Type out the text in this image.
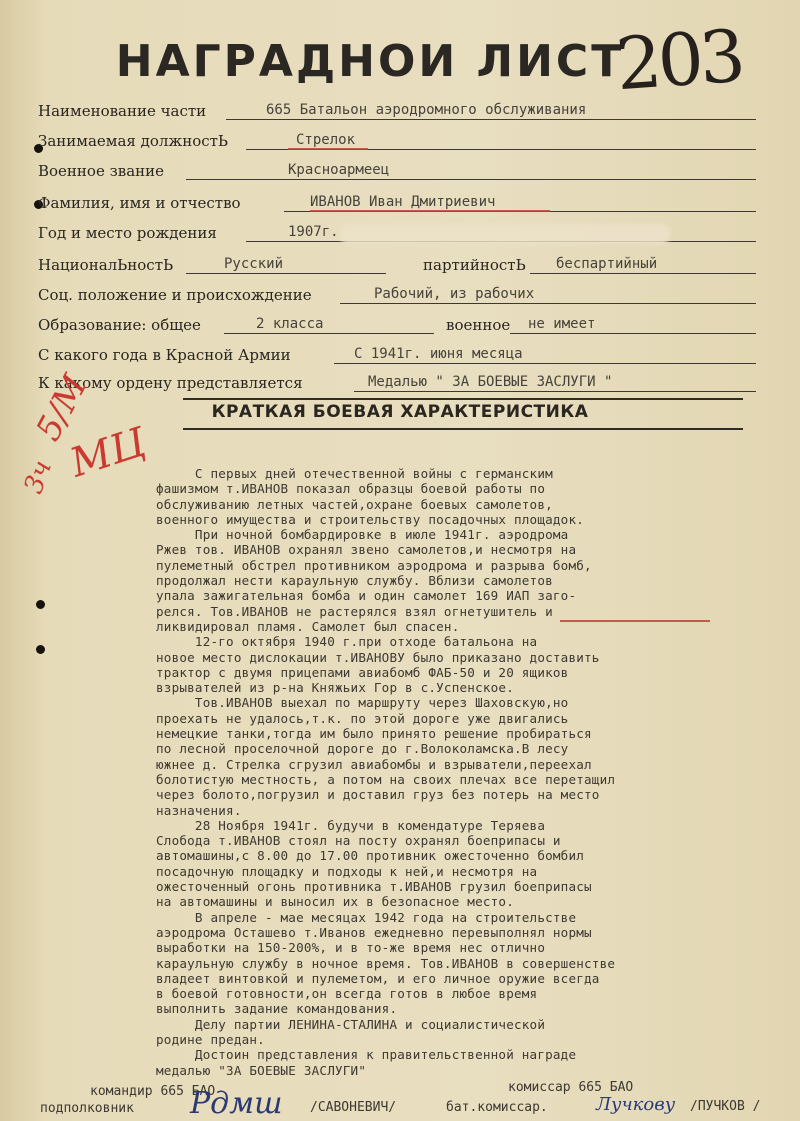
НАГРАДНОИ ЛИСТ
203
Наименование части	665 Батальон аэродромного обслуживания
Занимаемая должностЬ	Стрелок
Военное звание	Красноармеец
Фамилия, имя и отчество	ИВАНОВ Иван Дмитриевич
Год и место рождения	1907г.
НационалЬностЬ	Русский	партийностЬ беспартийный
Соц. положение и происхождение	Рабочий, из рабочих
Образование: общее	2 класса	военное не имеет
С какого года в Красной Армии	С 1941г. июня месяца
К какому ордену представляется	Медалью " ЗА БОЕВЫЕ ЗАСЛУГИ "
КРАТКАЯ БОЕВАЯ ХАРАКТЕРИСТИКА
5/М
МЦ
3ч	С первых дней отечественной войны с германским
фашизмом т.ИВАНОВ показал образцы боевой работы по
обслуживанию летных частей,охране боевых самолетов,
военного имущества и строительству посадочных площадок.
При ночной бомбардировке в июле 1941г. аэродрома
Ржев тов. ИВАНОВ охранял звено самолетов,и несмотря на
пулеметный обстрел противником аэродрома и разрыва бомб,
продолжал нести караульную службу. Вблизи самолетов
упала зажигательная бомба и один самолет 169 ИАП заго-
релся. Тов.ИВАНОВ не растерялся взял огнетушитель и
ликвидировал пламя. Самолет был спасен.
12-го октября 1940 г.при отходе батальона на
новое место дислокации т.ИВАНОВУ было приказано доставить
трактор с двумя прицепами авиабомб ФАБ-50 и 20 ящиков
взрывателей из р-на Княжьих Гор в с.Успенское.
Тов.ИВАНОВ выехал по маршруту через Шаховскую,но
проехать не удалось,т.к. по этой дороге уже двигались
немецкие танки,тогда им было принято решение пробираться
по лесной проселочной дороге до г.Волоколамска.В лесу
южнее д. Стрелка сгрузил авиабомбы и взрыватели,переехал
болотистую местность, а потом на своих плечах все перетащил
через болото,погрузил и доставил груз без потерь на место
назначения.
28 Ноября 1941г. будучи в комендатуре Теряева
Слобода т.ИВАНОВ стоял на посту охранял боеприпасы и
автомашины,с 8.00 до 17.00 противник ожесточенно бомбил
посадочную площадку и подходы к ней,и несмотря на
ожесточенный огонь противника т.ИВАНОВ грузил боеприпасы
на автомашины и выносил их в безопасное место.
В апреле - мае месяцах 1942 года на строительстве
аэродрома Осташево т.Иванов ежедневно перевыполнял нормы
выработки на 150-200%, и в то-же время нес отлично
караульную службу в ночное время. Тов.ИВАНОВ в совершенстве
владеет винтовкой и пулеметом, и его личное оружие всегда
в боевой готовности,он всегда готов в любое время
выполнить задание командования.
Делу партии ЛЕНИНА-СТАЛИНА и социалистической
родине предан.
Достоин представления к правительственной награде
медалью "ЗА БОЕВЫЕ ЗАСЛУГИ"
командир 665 БАО
подполковник	/САВОНЕВИЧ/
Рдмш	комиссар 665 БАО
бат.комиссар.	/ПУЧКОВ /
Лучкову
